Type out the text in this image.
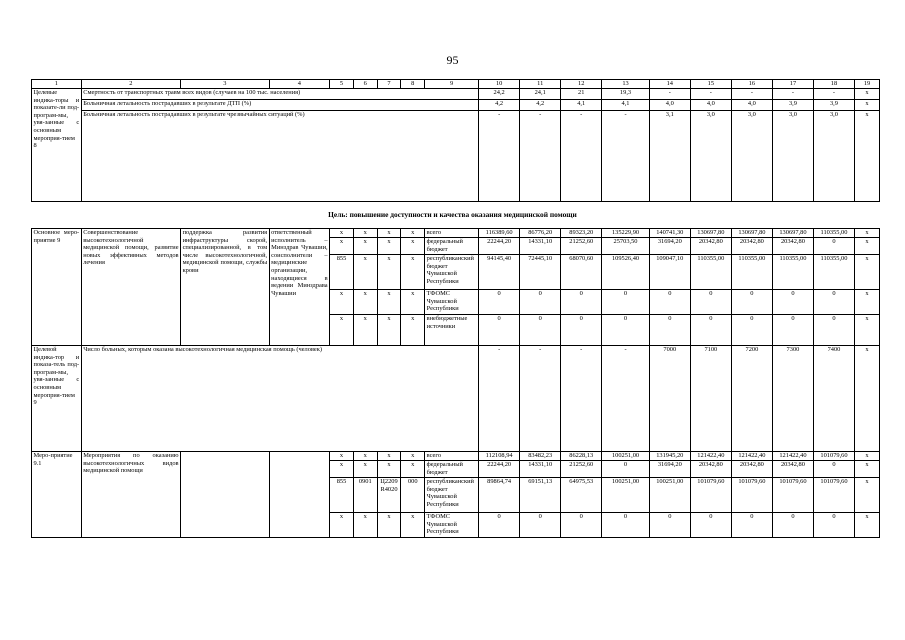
95
1	2	3	4	5	6	7	8	9	10	11	12	13	14	15	16	17	18	19
Целевые индика-торы и показате-ли под-програм-мы, увя-занные с основным мероприя-тием 8	Смертность от транспортных травм всех видов (случаев на 100 тыс. населения)								24,2	24,1	21	19,3	-	-	-	-	-	x
	Больничная летальность пострадавших в результате ДТП (%)								4,2	4,2	4,1	4,1	4,0	4,0	4,0	3,9	3,9	x
	Больничная летальность пострадавших в результате чрезвычайных ситуаций (%)								-	-	-	-	3,1	3,0	3,0	3,0	3,0	x
Цель: повышение доступности и качества оказания медицинской помощи
Основное меро-приятие 9	Совершенствование высокотехнологичной медицинской помощи, развитие новых эффективных методов лечения	поддержка развития инфраструктуры скорой, специализированной, в том числе высокотехнологичной, медицинской помощи, службы крови	ответственный исполнитель – Минздрав Чувашии, соисполнители – медицинские организации, находящиеся в ведении Минздрава Чувашии	x	x	x	x	всего	116389,60	86776,20	89323,20	135229,90	140741,30	130697,80	130697,80	130697,80	110355,00	x
				x	x	x	x	федеральный бюджет	22244,20	14331,10	21252,60	25703,50	31694,20	20342,80	20342,80	20342,80	0	x
				855	x	x	x	республиканский бюджет Чувашской Республики	94145,40	72445,10	68070,60	109526,40	109047,10	110355,00	110355,00	110355,00	110355,00	x
				x	x	x	x	ТФОМС Чувашской Республики	0	0	0	0	0	0	0	0	0	x
				x	x	x	x	внебюджетные источники	0	0	0	0	0	0	0	0	0	x
Целевой индика-тор и показа-тель под-програм-мы, увя-занные с основным мероприя-тием 9	Число больных, которым оказана высокотехнологичная медицинская помощь (человек)								-	-	-	-	7000	7100	7200	7300	7400	x
Меро-приятие 9.1	Мероприятия по оказанию высокотехнологичных видов медицинской помощи			x	x	x	x	всего	112108,94	83482,23	86228,13	100251,00	131945,20	121422,40	121422,40	121422,40	101079,60	x
				x	x	x	x	федеральный бюджет	22244,20	14331,10	21252,60	0	31694,20	20342,80	20342,80	20342,80	0	x
				855	0901	Ц2209R4020	000	республиканский бюджет Чувашской Республики	89864,74	69151,13	64975,53	100251,00	100251,00	101079,60	101079,60	101079,60	101079,60	x
				x	x	x	x	ТФОМС Чувашской Республики	0	0	0	0	0	0	0	0	0	x
